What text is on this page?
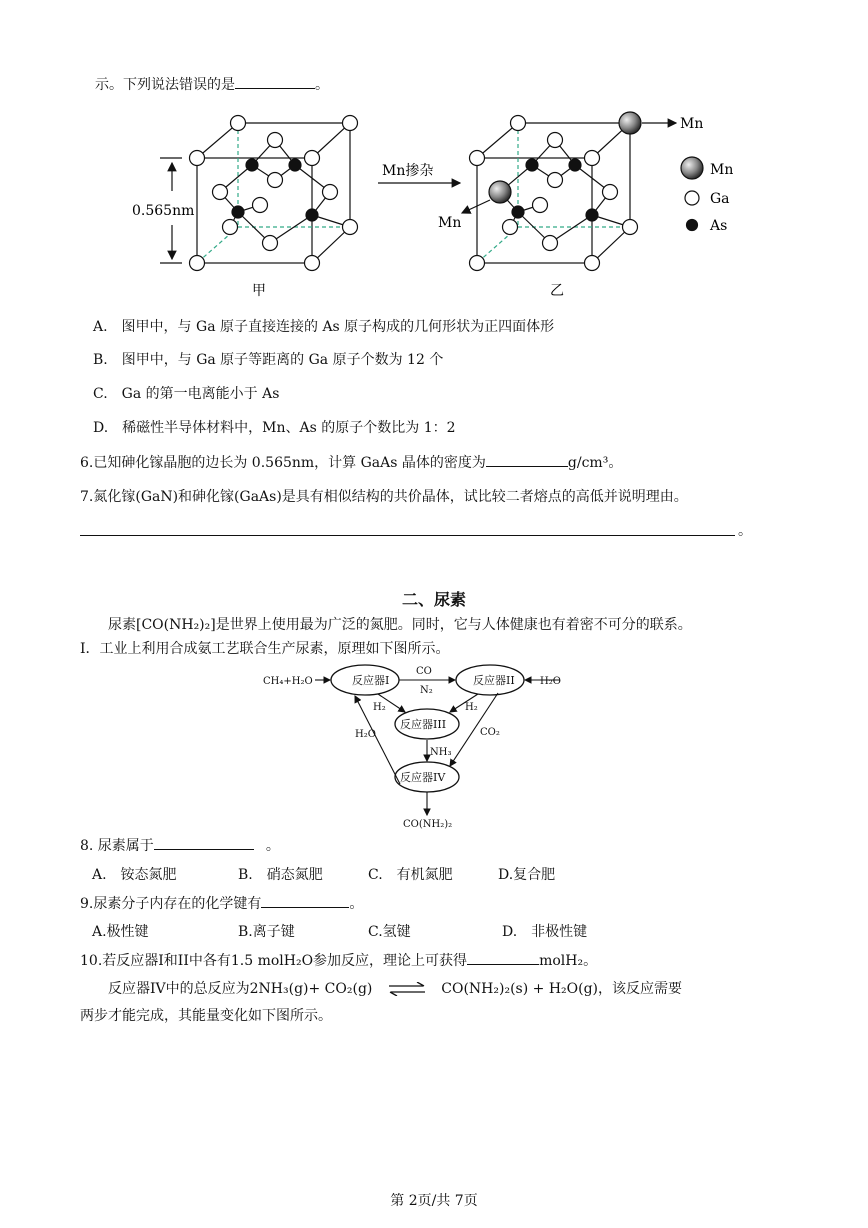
示。下列说法错误的是	。
0.565nm
甲
Mn掺杂
Mn
Mn
乙
Mn
Ga
As
A.　图甲中，与 Ga 原子直接连接的 As 原子构成的几何形状为正四面体形
B.　图甲中，与 Ga 原子等距离的 Ga 原子个数为 12 个
C.　Ga 的第一电离能小于 As
D.　稀磁性半导体材料中，Mn、As 的原子个数比为 1：2
6.已知砷化镓晶胞的边长为 0.565nm，计算 GaAs 晶体的密度为	g/cm³。
7.氮化镓(GaN)和砷化镓(GaAs)是具有相似结构的共价晶体，试比较二者熔点的高低并说明理由。
。
二、尿素
尿素[CO(NH₂)₂]是世界上使用最为广泛的氮肥。同时，它与人体健康也有着密不可分的联系。
Ⅰ．工业上利用合成氨工艺联合生产尿素，原理如下图所示。
反应器I	反应器II
反应器III
反应器IV
CH₄+H₂O	H₂O
CO
N₂
H₂	H₂
H₂O
NH₃
CO₂
CO(NH₂)₂
8. 尿素属于	。
A.　铵态氮肥	B.　硝态氮肥	C.　有机氮肥	D.复合肥
9.尿素分子内存在的化学键有	。
A.极性键	B.离子键	C.氢键	D.　非极性键
10.若反应器Ⅰ和II中各有1.5 molH₂O参加反应，理论上可获得	molH₂。
反应器IV中的总反应为2NH₃(g)+ CO₂(g) ⇌ CO(NH₂)₂(s) + H₂O(g)，该反应需要
两步才能完成，其能量变化如下图所示。
第 2页/共 7页
